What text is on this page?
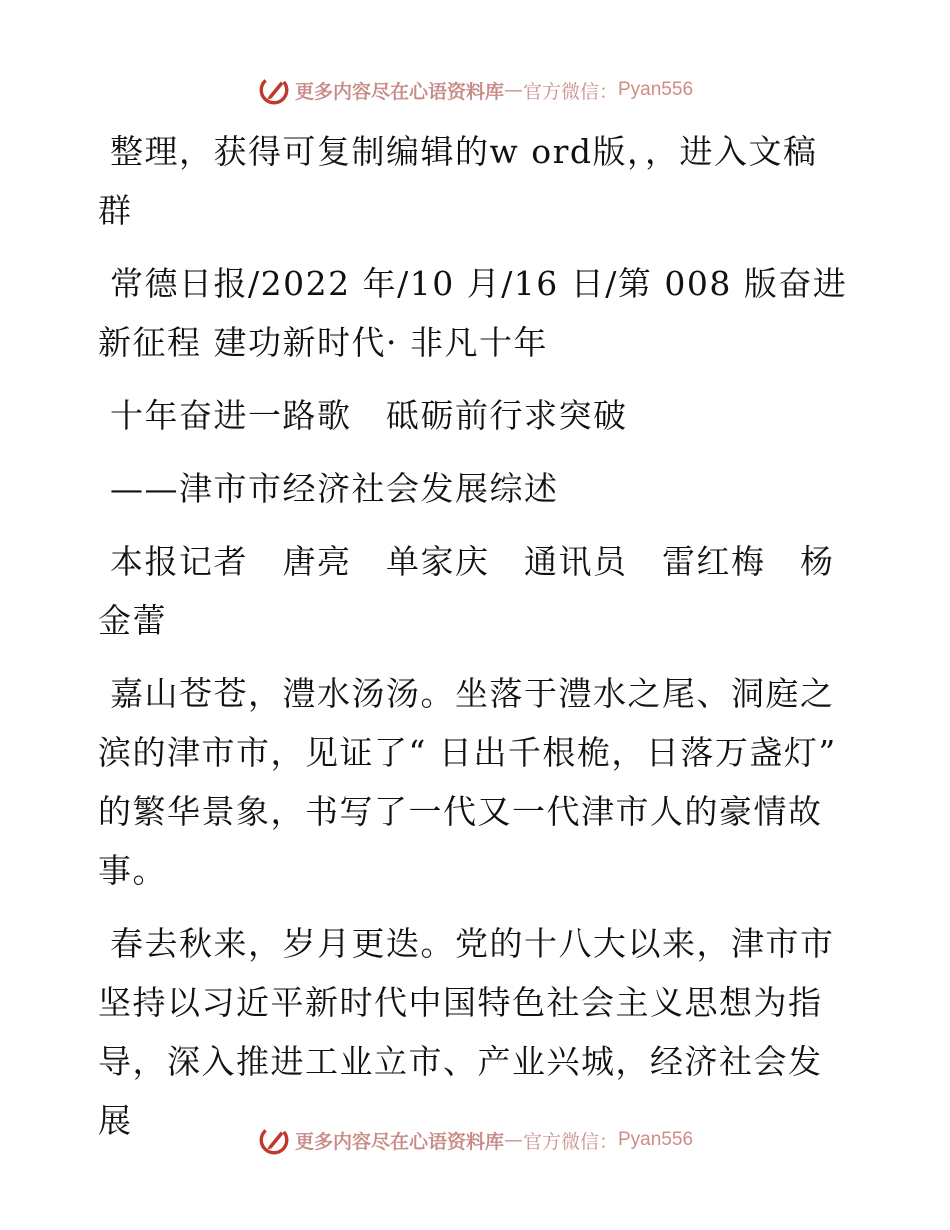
更多内容尽在心语资料库 — 官方微信： Pyan556

整理，获得可复制编辑的w ord版，，进入文稿群

常德日报/2022 年/10 月/16 日/第 008 版奋进新征程 建功新时代· 非凡十年

十年奋进一路歌　砥砺前行求突破

——津市市经济社会发展综述

本报记者　唐亮　单家庆　通讯员　雷红梅　杨金蕾

嘉山苍苍，澧水汤汤。坐落于澧水之尾、洞庭之滨的津市市，见证了“ 日出千根桅，日落万盏灯” 的繁华景象，书写了一代又一代津市人的豪情故事。

春去秋来，岁月更迭。党的十八大以来，津市市坚持以习近平新时代中国特色社会主义思想为指导，深入推进工业立市、产业兴城，经济社会发展

更多内容尽在心语资料库 — 官方微信： Pyan556
